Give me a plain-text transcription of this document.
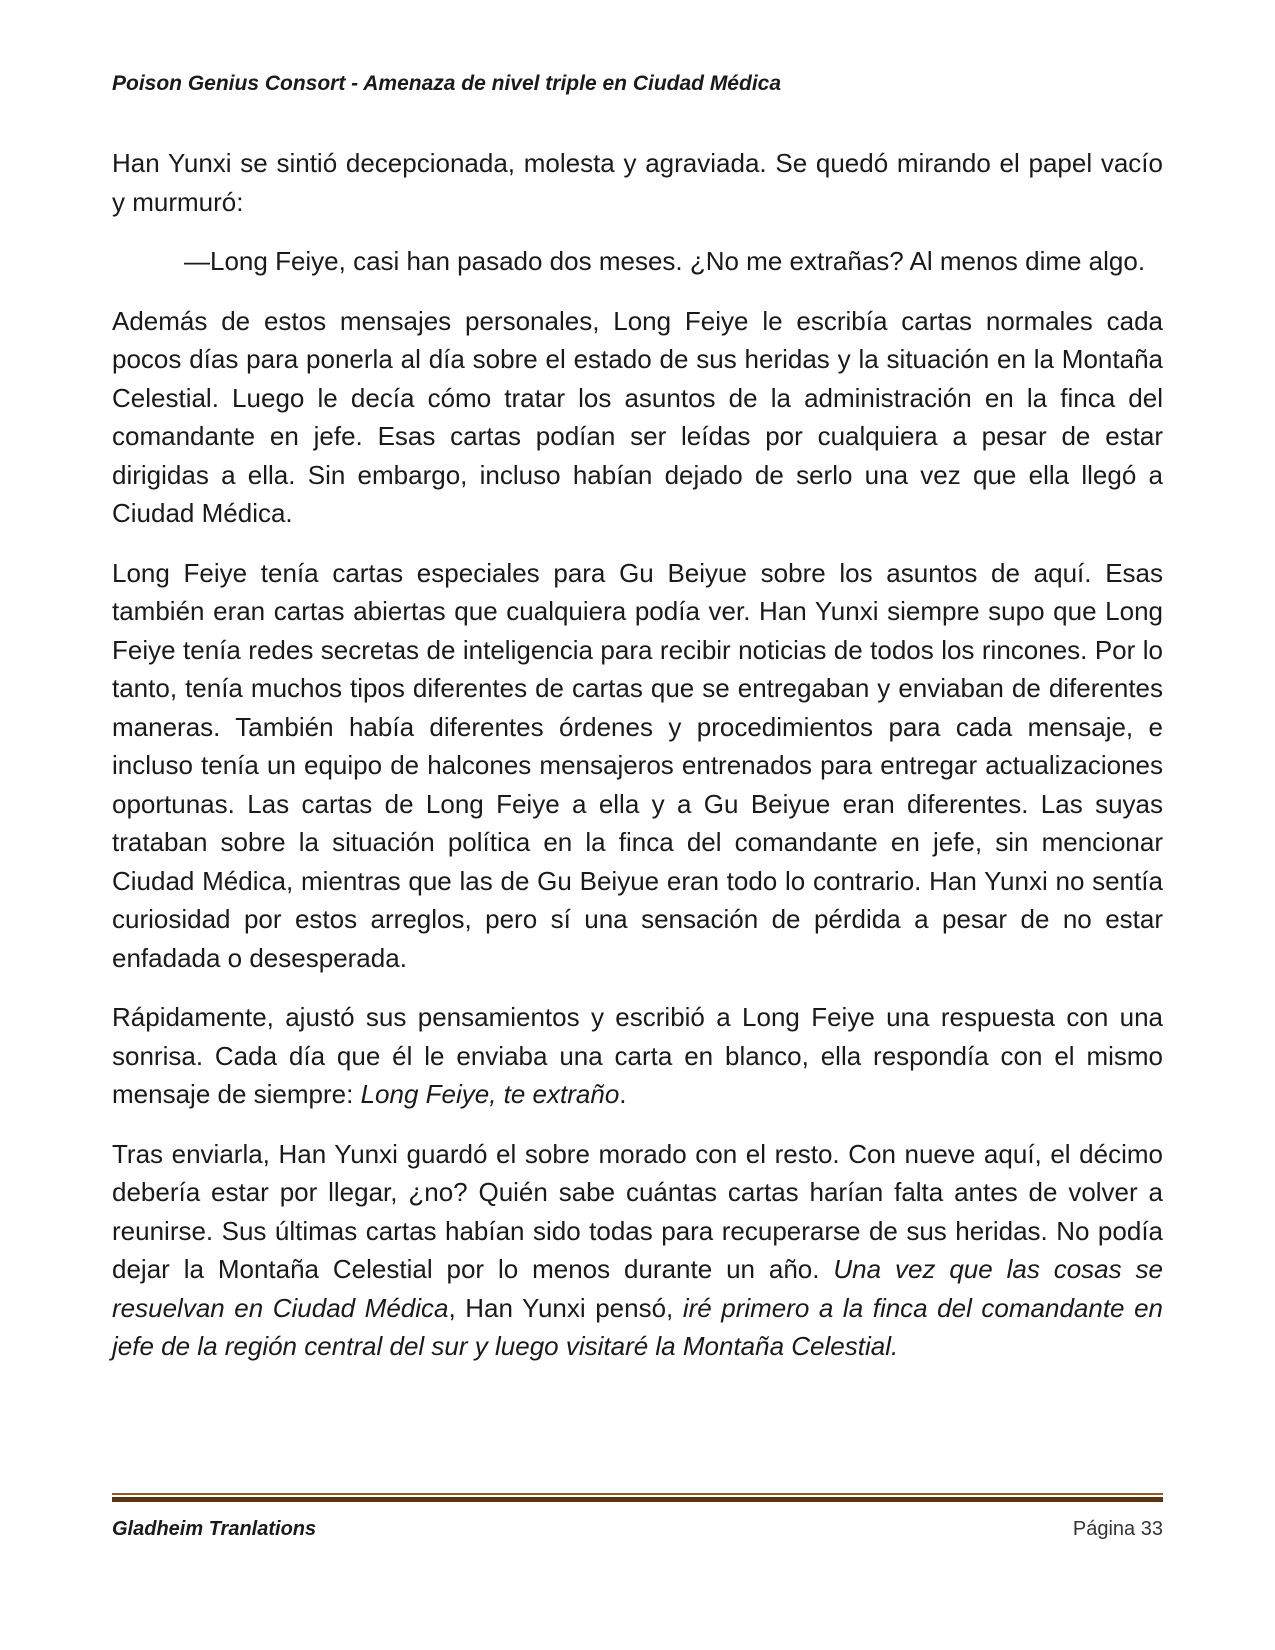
Poison Genius Consort - Amenaza de nivel triple en Ciudad Médica

Han Yunxi se sintió decepcionada, molesta y agraviada. Se quedó mirando el papel vacío y murmuró:

—Long Feiye, casi han pasado dos meses. ¿No me extrañas? Al menos dime algo.

Además de estos mensajes personales, Long Feiye le escribía cartas normales cada pocos días para ponerla al día sobre el estado de sus heridas y la situación en la Montaña Celestial. Luego le decía cómo tratar los asuntos de la administración en la finca del comandante en jefe. Esas cartas podían ser leídas por cualquiera a pesar de estar dirigidas a ella. Sin embargo, incluso habían dejado de serlo una vez que ella llegó a Ciudad Médica.

Long Feiye tenía cartas especiales para Gu Beiyue sobre los asuntos de aquí. Esas también eran cartas abiertas que cualquiera podía ver. Han Yunxi siempre supo que Long Feiye tenía redes secretas de inteligencia para recibir noticias de todos los rincones. Por lo tanto, tenía muchos tipos diferentes de cartas que se entregaban y enviaban de diferentes maneras. También había diferentes órdenes y procedimientos para cada mensaje, e incluso tenía un equipo de halcones mensajeros entrenados para entregar actualizaciones oportunas. Las cartas de Long Feiye a ella y a Gu Beiyue eran diferentes. Las suyas trataban sobre la situación política en la finca del comandante en jefe, sin mencionar Ciudad Médica, mientras que las de Gu Beiyue eran todo lo contrario. Han Yunxi no sentía curiosidad por estos arreglos, pero sí una sensación de pérdida a pesar de no estar enfadada o desesperada.

Rápidamente, ajustó sus pensamientos y escribió a Long Feiye una respuesta con una sonrisa. Cada día que él le enviaba una carta en blanco, ella respondía con el mismo mensaje de siempre: Long Feiye, te extraño.

Tras enviarla, Han Yunxi guardó el sobre morado con el resto. Con nueve aquí, el décimo debería estar por llegar, ¿no? Quién sabe cuántas cartas harían falta antes de volver a reunirse. Sus últimas cartas habían sido todas para recuperarse de sus heridas. No podía dejar la Montaña Celestial por lo menos durante un año. Una vez que las cosas se resuelvan en Ciudad Médica, Han Yunxi pensó, iré primero a la finca del comandante en jefe de la región central del sur y luego visitaré la Montaña Celestial.

Gladheim Tranlations	Página 33
